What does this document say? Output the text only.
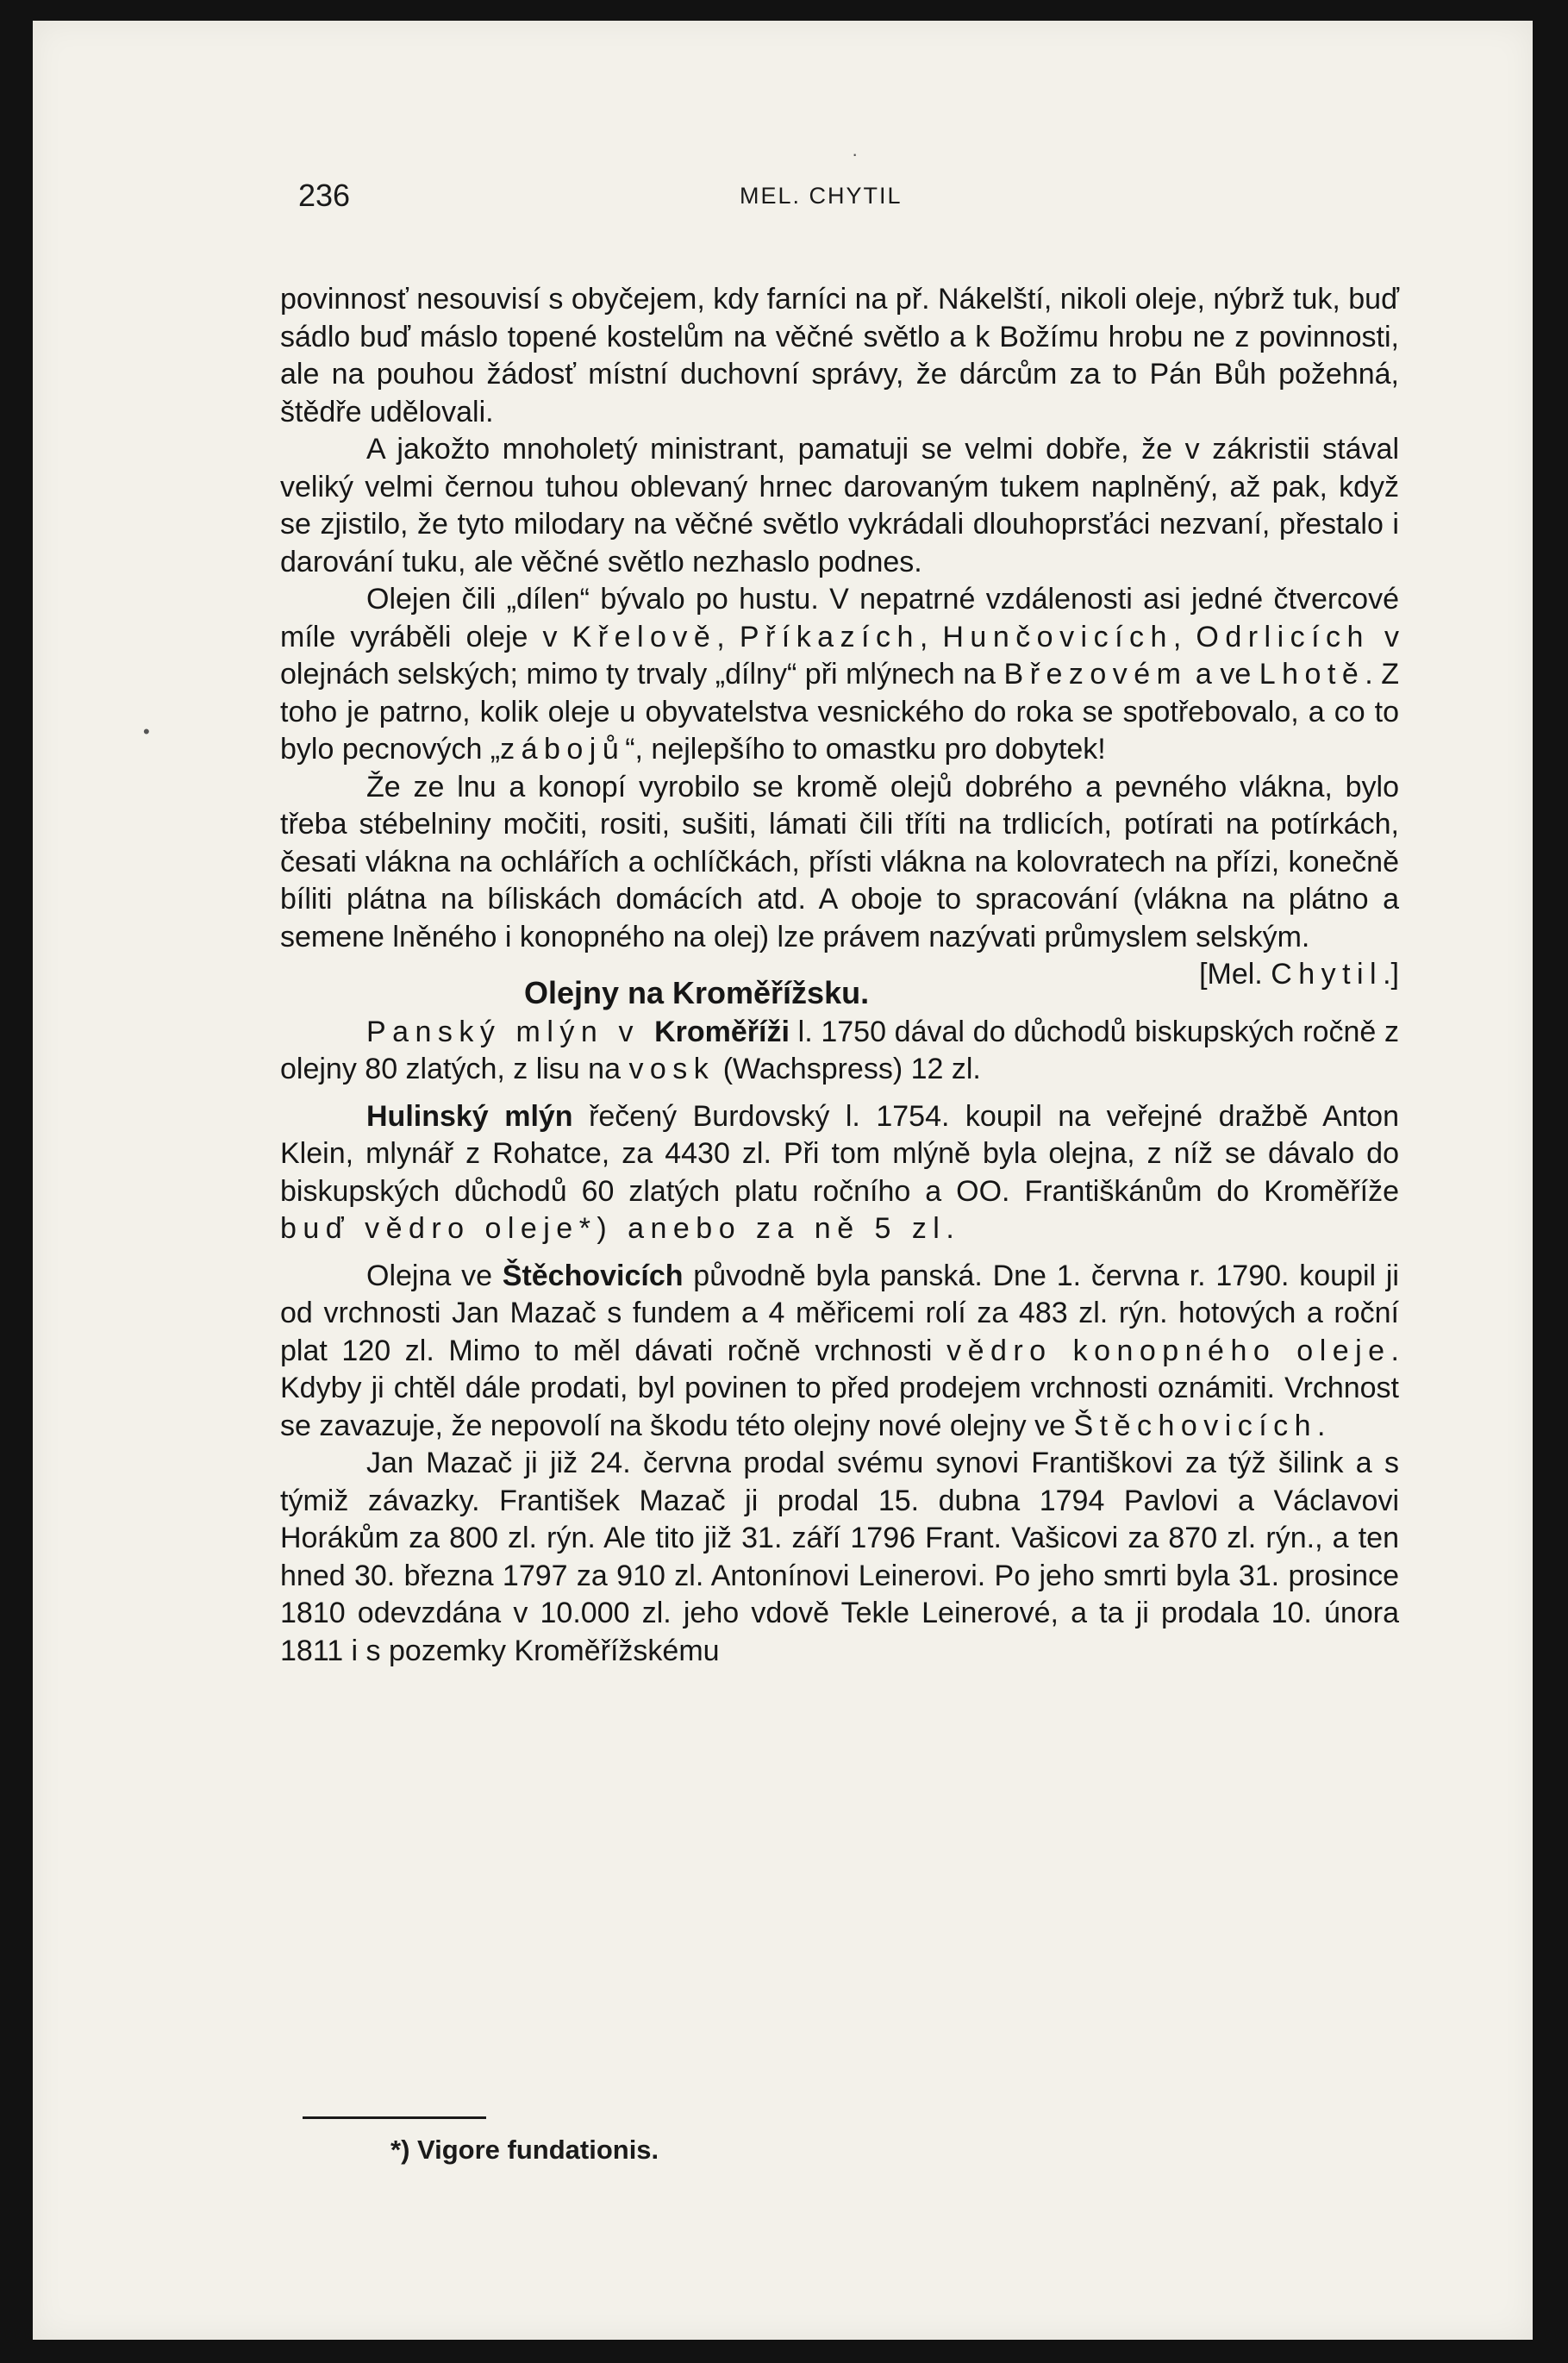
236	MEL. CHYTIL

povinnosť nesouvisí s obyčejem, kdy farníci na př. Nákelští, nikoli oleje, nýbrž tuk, buď sádlo buď máslo topené kostelům na věčné světlo a k Božímu hrobu ne z povinnosti, ale na pouhou žádosť místní duchovní správy, že dárcům za to Pán Bůh požehná, štědře udělovali.

A jakožto mnoholetý ministrant, pamatuji se velmi dobře, že v zákristii stával veliký velmi černou tuhou oblevaný hrnec darovaným tukem naplněný, až pak, když se zjistilo, že tyto milodary na věčné světlo vykrádali dlouhoprsťáci nezvaní, přestalo i darování tuku, ale věčné světlo nezhaslo podnes.

Olejen čili „dílen“ bývalo po hustu. V nepatrné vzdálenosti asi jedné čtvercové míle vyráběli oleje v Křelově, Příkazích, Hunčovicích, Odrlicích v olejnách selských; mimo ty trvaly „dílny“ při mlýnech na Březovém a ve Lhotě. Z toho je patrno, kolik oleje u obyvatelstva vesnického do roka se spotřebovalo, a co to bylo pecnových „zábojů“, nejlepšího to omastku pro dobytek!

Že ze lnu a konopí vyrobilo se kromě olejů dobrého a pevného vlákna, bylo třeba stébelniny močiti, rositi, sušiti, lámati čili tříti na trdlicích, potírati na potírkách, česati vlákna na ochlářích a ochlíčkách, přísti vlákna na kolovratech na přízi, konečně bíliti plátna na bíliskách domácích atd. A oboje to spracování (vlákna na plátno a semene lněného i konopného na olej) lze právem nazývati průmyslem selským.
[Mel. Chytil.]

Olejny na Kroměřížsku.

Panský mlýn v Kroměříži l. 1750 dával do důchodů biskupských ročně z olejny 80 zlatých, z lisu na vosk (Wachspress) 12 zl.

Hulinský mlýn řečený Burdovský l. 1754. koupil na veřejné dražbě Anton Klein, mlynář z Rohatce, za 4430 zl. Při tom mlýně byla olejna, z níž se dávalo do biskupských důchodů 60 zlatých platu ročního a OO. Františkánům do Kroměříže buď vědro oleje*) anebo za ně 5 zl.

Olejna ve Štěchovicích původně byla panská. Dne 1. června r. 1790. koupil ji od vrchnosti Jan Mazač s fundem a 4 měřicemi rolí za 483 zl. rýn. hotových a roční plat 120 zl. Mimo to měl dávati ročně vrchnosti vědro konopného oleje. Kdyby ji chtěl dále prodati, byl povinen to před prodejem vrchnosti oznámiti. Vrchnost se zavazuje, že nepovolí na škodu této olejny nové olejny ve Štěchovicích.

Jan Mazač ji již 24. června prodal svému synovi Františkovi za týž šilink a s týmiž závazky. František Mazač ji prodal 15. dubna 1794 Pavlovi a Václavovi Horákům za 800 zl. rýn. Ale tito již 31. září 1796 Frant. Vašicovi za 870 zl. rýn., a ten hned 30. března 1797 za 910 zl. Antonínovi Leinerovi. Po jeho smrti byla 31. prosince 1810 odevzdána v 10.000 zl. jeho vdově Tekle Leinerové, a ta ji prodala 10. února 1811 i s pozemky Kroměřížskému

*) Vigore fundationis.
·
•
